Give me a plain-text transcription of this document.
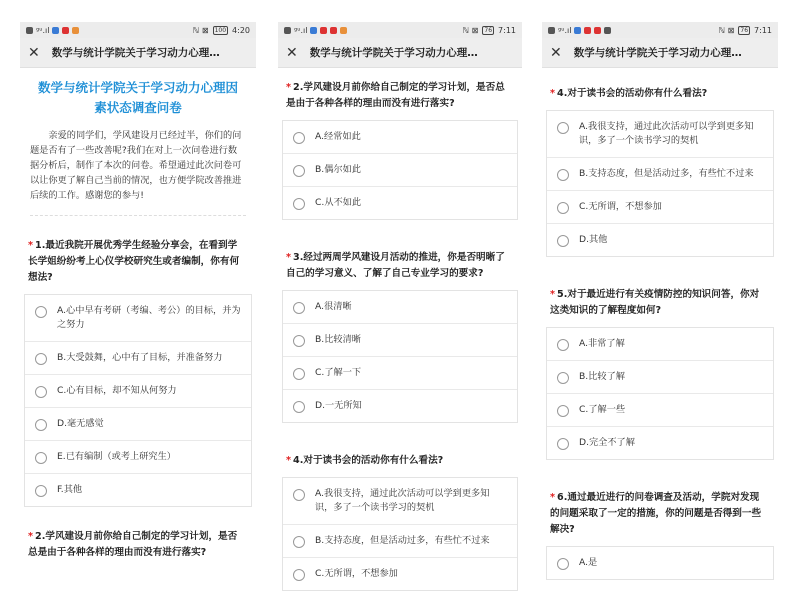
ᵍᵘ.ıl	ℕ ⊠	100 4:20
✕ 数学与统计学院关于学习动力心理…
数学与统计学院关于学习动力心理因素状态调查问卷
亲爱的同学们，学风建设月已经过半，你们的问题是否有了一些改善呢?我们在对上一次问卷进行数据分析后，制作了本次的问卷。希望通过此次问卷可以让你更了解自己当前的情况，也方便学院改善推进后续的工作。感谢您的参与!
* 1.最近我院开展优秀学生经验分享会，在看到学长学姐纷纷考上心仪学校研究生或者编制，你有何想法?
A.心中早有考研（考编、考公）的目标，并为之努力
B.大受鼓舞，心中有了目标，并准备努力
C.心有目标，却不知从何努力
D.毫无感觉
E.已有编制（或考上研究生）
F.其他
* 2.学风建设月前你给自己制定的学习计划，是否总是由于各种各样的理由而没有进行落实?
ᵍᵘ.ıl	ℕ ⊠	76 7:11
✕ 数学与统计学院关于学习动力心理…
* 2.学风建设月前你给自己制定的学习计划，是否总是由于各种各样的理由而没有进行落实?
A.经常如此
B.偶尔如此
C.从不如此
* 3.经过两周学风建设月活动的推进，你是否明晰了自己的学习意义、了解了自己专业学习的要求?
A.很清晰
B.比较清晰
C.了解一下
D.一无所知
* 4.对于读书会的活动你有什么看法?
A.我很支持，通过此次活动可以学到更多知识，多了一个读书学习的契机
B.支持态度，但是活动过多，有些忙不过来
C.无所谓，不想参加
ᵍᵘ.ıl	ℕ ⊠	76 7:11
✕ 数学与统计学院关于学习动力心理…
* 4.对于读书会的活动你有什么看法?
A.我很支持，通过此次活动可以学到更多知识，多了一个读书学习的契机
B.支持态度，但是活动过多，有些忙不过来
C.无所谓，不想参加
D.其他
* 5.对于最近进行有关疫情防控的知识问答，你对这类知识的了解程度如何?
A.非常了解
B.比较了解
C.了解一些
D.完全不了解
* 6.通过最近进行的问卷调查及活动，学院对发现的问题采取了一定的措施，你的问题是否得到一些解决?
A.是
